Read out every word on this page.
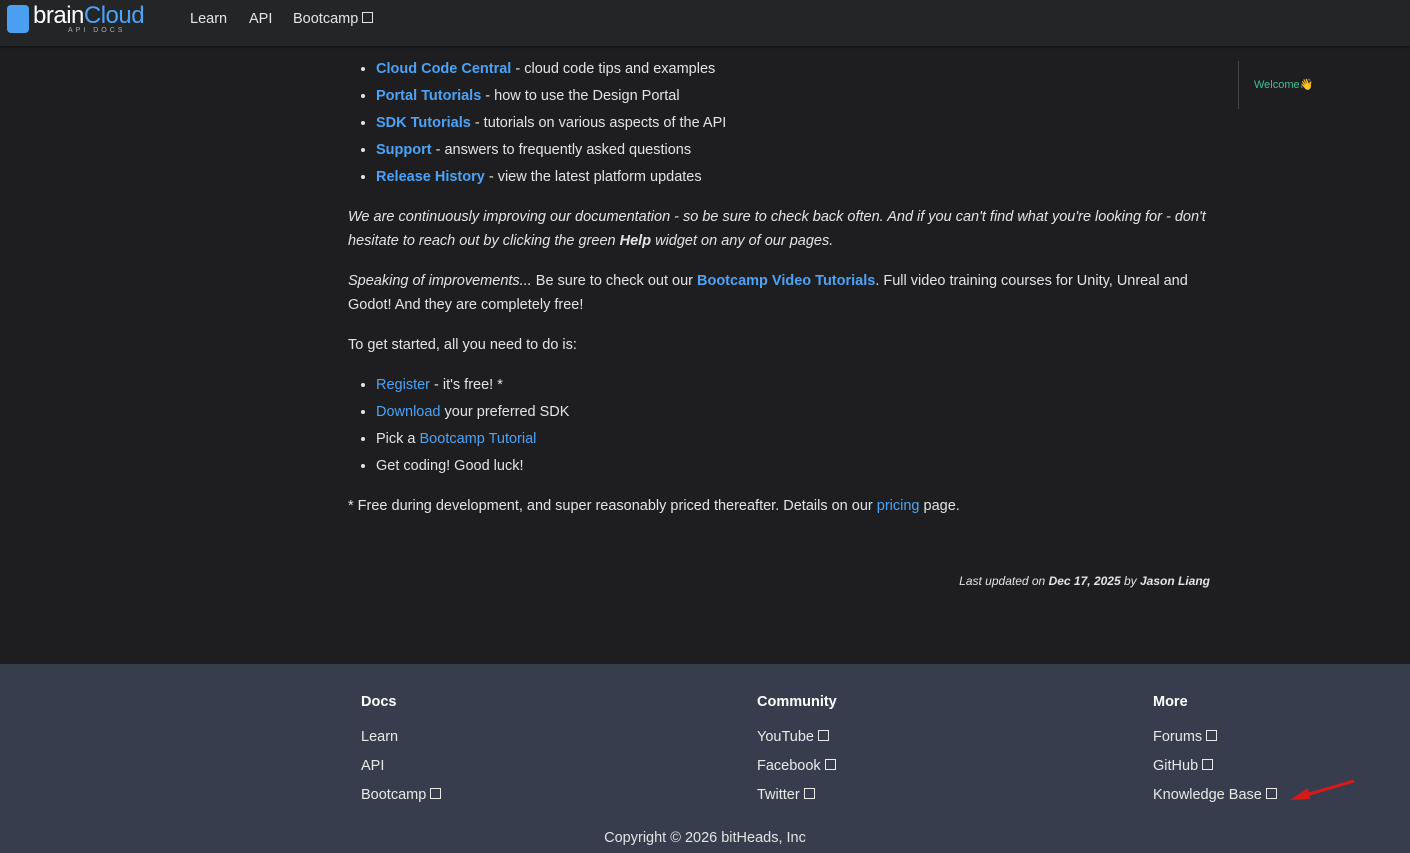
brainCloud
API DOCS
Learn API Bootcamp
• Cloud Code Central - cloud code tips and examples
• Portal Tutorials - how to use the Design Portal
• SDK Tutorials - tutorials on various aspects of the API
• Support - answers to frequently asked questions
• Release History - view the latest platform updates

We are continuously improving our documentation - so be sure to check back often. And if you can't find what you're looking for - don't hesitate to reach out by clicking the green Help widget on any of our pages.

Speaking of improvements... Be sure to check out our Bootcamp Video Tutorials. Full video training courses for Unity, Unreal and Godot! And they are completely free!

To get started, all you need to do is:

• Register - it's free! *
• Download your preferred SDK
• Pick a Bootcamp Tutorial
• Get coding! Good luck!

* Free during development, and super reasonably priced thereafter. Details on our pricing page.

Welcome👋
Last updated on Dec 17, 2025 by Jason Liang
Docs
Learn
API
Bootcamp
Community
YouTube
Facebook
Twitter
More
Forums
GitHub
Knowledge Base
Copyright © 2026 bitHeads, Inc
